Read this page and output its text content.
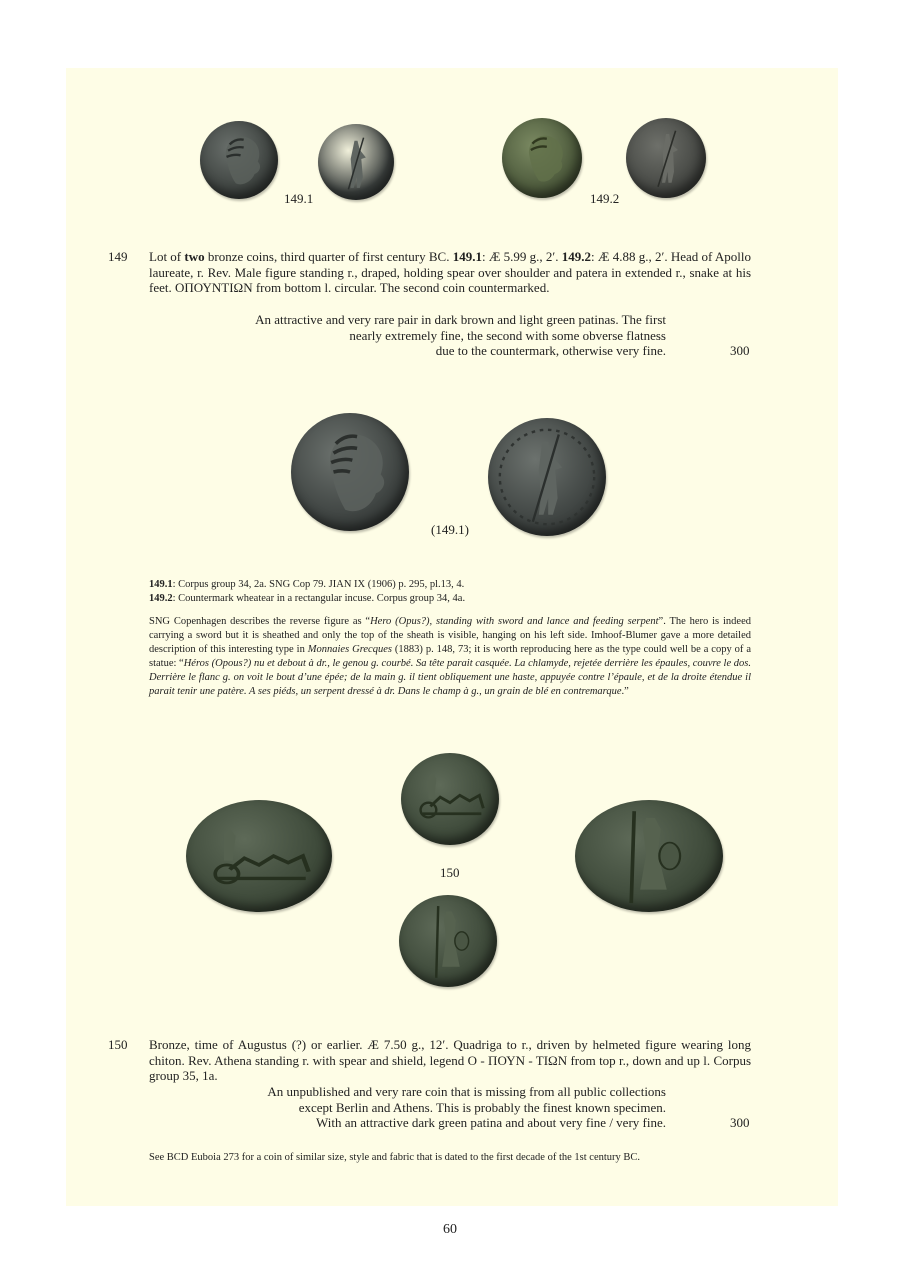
149.1	149.2
149 Lot of two bronze coins, third quarter of first century BC. 149.1: Æ 5.99 g., 2′. 149.2: Æ 4.88 g., 2′. Head of Apollo laureate, r. Rev. Male figure standing r., draped, holding spear over shoulder and patera in extended r., snake at his feet. ΟΠΟΥΝΤΙΩΝ from bottom l. circular. The second coin countermarked.

An attractive and very rare pair in dark brown and light green patinas. The first
nearly extremely fine, the second with some obverse flatness
due to the countermark, otherwise very fine.	300
(149.1)

149.1: Corpus group 34, 2a. SNG Cop 79. JIAN IX (1906) p. 295, pl.13, 4.

149.2: Countermark wheatear in a rectangular incuse. Corpus group 34, 4a.

SNG Copenhagen describes the reverse figure as “Hero (Opus?), standing with sword and lance and feeding serpent”. The hero is indeed carrying a sword but it is sheathed and only the top of the sheath is visible, hanging on his left side. Imhoof-Blumer gave a more detailed description of this interesting type in Monnaies Grecques (1883) p. 148, 73; it is worth reproducing here as the type could well be a copy of a statue: “Héros (Opous?) nu et debout à dr., le genou g. courbé. Sa tête parait casquée. La chlamyde, rejetée derrière les épaules, couvre le dos. Derrière le flanc g. on voit le bout d’une épée; de la main g. il tient obliquement une haste, appuyée contre l’épaule, et de la droite étendue il parait tenir une patère. A ses piéds, un serpent dressé à dr. Dans le champ à g., un grain de blé en contremarque.”

150
150 Bronze, time of Augustus (?) or earlier. Æ 7.50 g., 12′. Quadriga to r., driven by helmeted figure wearing long chiton. Rev. Athena standing r. with spear and shield, legend Ο - ΠΟΥΝ - ΤΙΩΝ from top r., down and up l. Corpus group 35, 1a.

An unpublished and very rare coin that is missing from all public collections
except Berlin and Athens. This is probably the finest known specimen.
With an attractive dark green patina and about very fine / very fine.	300
See BCD Euboia 273 for a coin of similar size, style and fabric that is dated to the first decade of the 1st century BC.
60
